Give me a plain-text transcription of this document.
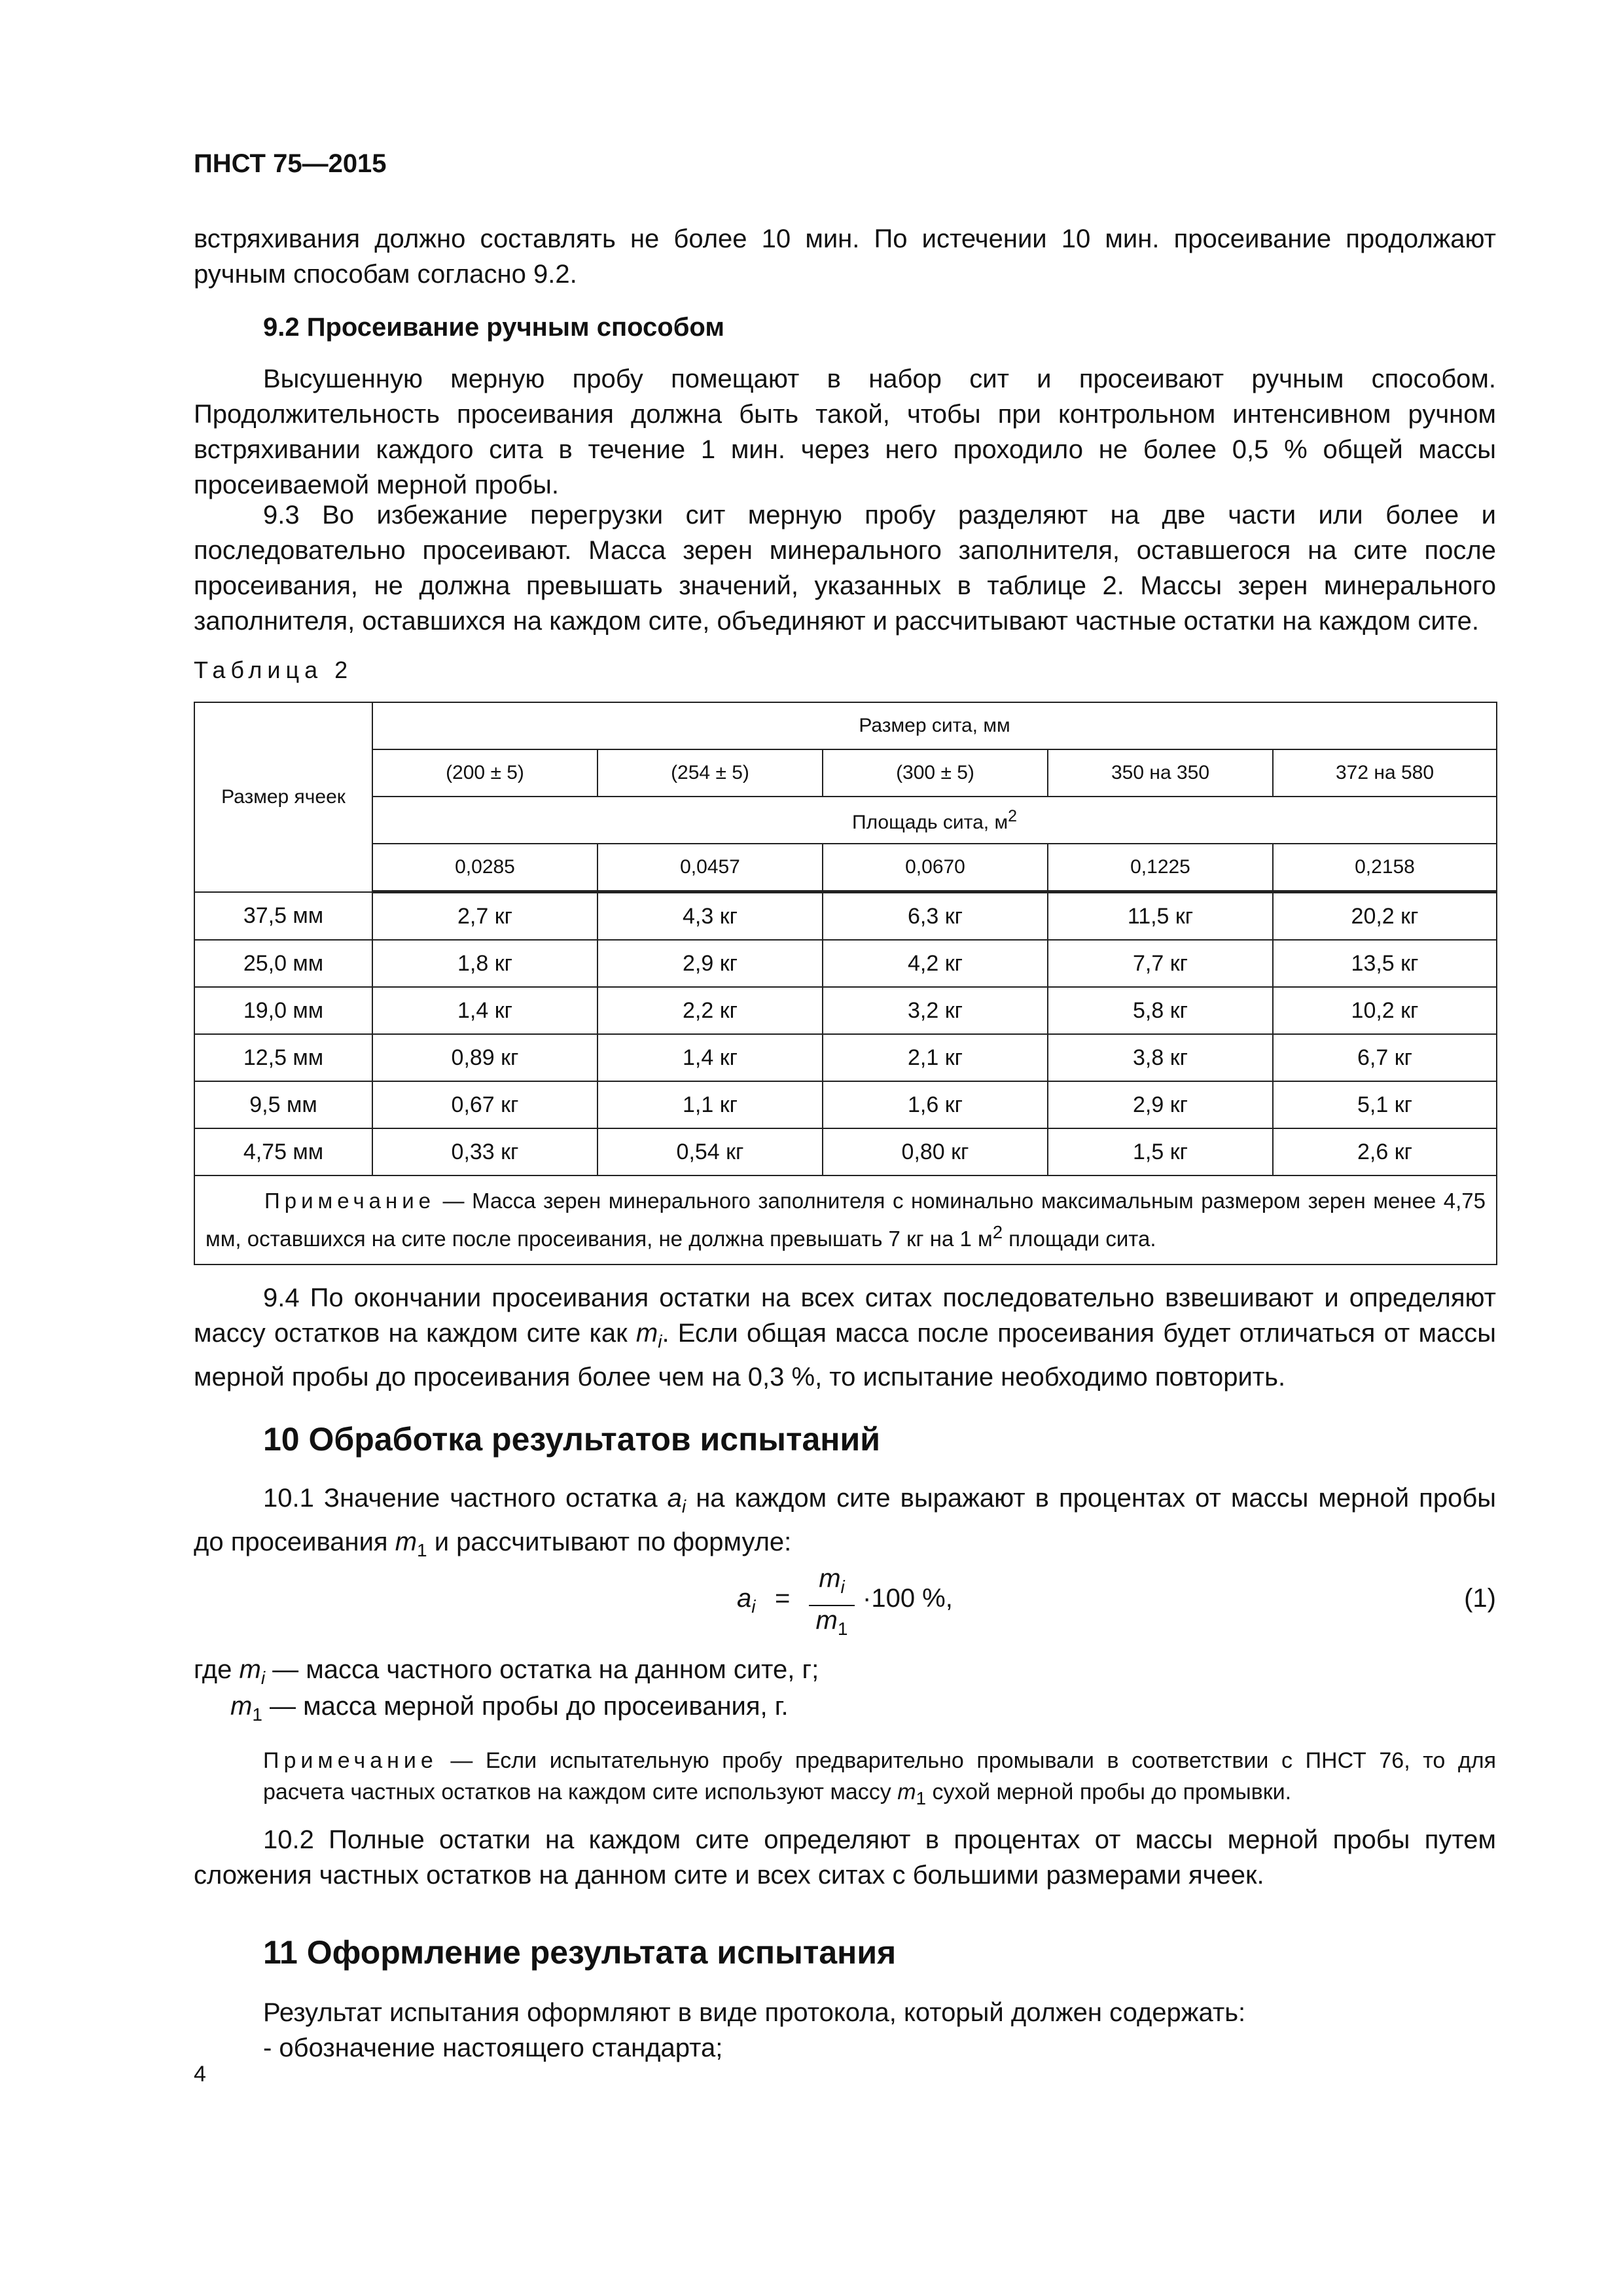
ПНСТ 75—2015

встряхивания должно составлять не более 10 мин. По истечении 10 мин. просеивание продолжают ручным способам согласно 9.2.

9.2 Просеивание ручным способом

Высушенную мерную пробу помещают в набор сит и просеивают ручным способом. Продолжительность просеивания должна быть такой, чтобы при контрольном интенсивном ручном встряхивании каждого сита в течение 1 мин. через него проходило не более 0,5 % общей массы просеиваемой мерной пробы.

9.3 Во избежание перегрузки сит мерную пробу разделяют на две части или более и последовательно просеивают. Масса зерен минерального заполнителя, оставшегося на сите после просеивания, не должна превышать значений, указанных в таблице 2. Массы зерен минерального заполнителя, оставшихся на каждом сите, объединяют и рассчитывают частные остатки на каждом сите.

Таблица 2
Размер ячеек	Размер сита, мм				
	(200 ± 5)	(254 ± 5)	(300 ± 5)	350 на 350	372 на 580
	Площадь сита, $м^2$
	0,0285	0,0457	0,0670	0,1225	0,2158
37,5 мм	2,7 кг	4,3 кг	6,3 кг	11,5 кг	20,2 кг
25,0 мм	1,8 кг	2,9 кг	4,2 кг	7,7 кг	13,5 кг
19,0 мм	1,4 кг	2,2 кг	3,2 кг	5,8 кг	10,2 кг
12,5 мм	0,89 кг	1,4 кг	2,1 кг	3,8 кг	6,7 кг
9,5 мм	0,67 кг	1,1 кг	1,6 кг	2,9 кг	5,1 кг
4,75 мм	0,33 кг	0,54 кг	0,80 кг	1,5 кг	2,6 кг
Примечание — Масса зерен минерального заполнителя с номинально максимальным размером зерен менее 4,75 мм, оставшихся на сите после просеивания, не должна превышать 7 кг на 1 $м^2$ площади сита.					

9.4 По окончании просеивания остатки на всех ситах последовательно взвешивают и определяют массу остатков на каждом сите как $m_i$. Если общая масса после просеивания будет отличаться от массы мерной пробы до просеивания более чем на 0,3 %, то испытание необходимо повторить.

10 Обработка результатов испытаний

10.1 Значение частного остатка $a_i$ на каждом сите выражают в процентах от массы мерной пробы до просеивания $m_1$ и рассчитывают по формуле:

$a_i$ =
$m_i$
$m_1$
·100 %,	(1)

где $m_i$ — масса частного остатка на данном сите, г;

$m_1$ — масса мерной пробы до просеивания, г.

Примечание — Если испытательную пробу предварительно промывали в соответствии с ПНСТ 76, то для расчета частных остатков на каждом сите используют массу $m_1$ сухой мерной пробы до промывки.

10.2 Полные остатки на каждом сите определяют в процентах от массы мерной пробы путем сложения частных остатков на данном сите и всех ситах с большими размерами ячеек.

11 Оформление результата испытания

Результат испытания оформляют в виде протокола, который должен содержать:

- обозначение настоящего стандарта;

4
